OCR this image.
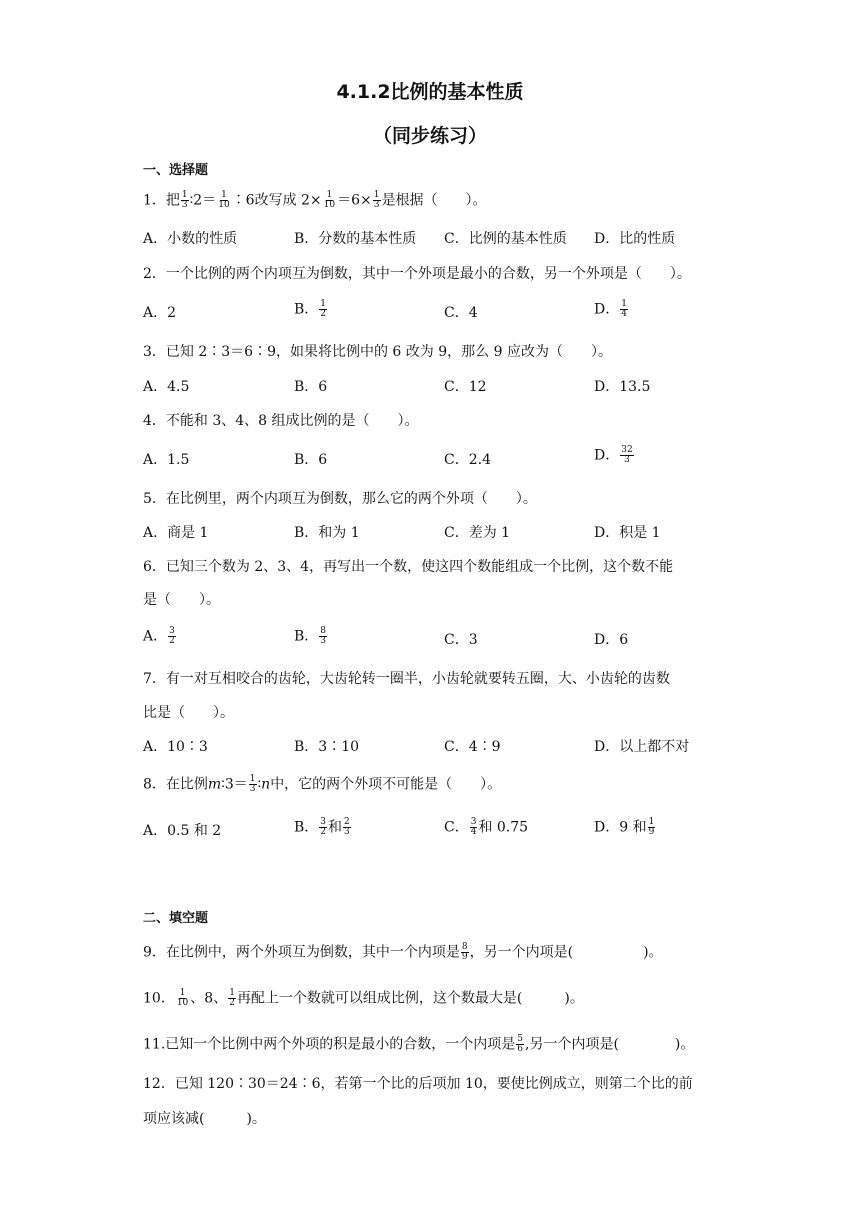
4.1.2比例的基本性质
（同步练习）
一、选择题
1．把 $\frac{1}{3}$ ∶2＝ $\frac{1}{10}$ ∶6改写成 $2\times \frac{1}{10} =6\times \frac{1}{3}$ 是根据（　　）。
A．小数的性质	B．分数的基本性质 C．比例的基本性质 D．比的性质
2．一个比例的两个内项互为倒数，其中一个外项是最小的合数，另一个外项是（　　）。
A．2	B． $\frac{1}{2}$	C．4	D． $\frac{1}{4}$
3．已知 2∶3＝6∶9，如果将比例中的 6 改为 9，那么 9 应改为（　　）。
A．4.5	B．6	C．12	D．13.5
4．不能和 3、4、8 组成比例的是（　　）。
A．1.5	B．6	C．2.4	D． $\frac{32}{3}$
5．在比例里，两个内项互为倒数，那么它的两个外项（　　）。
A．商是 1	B．和为 1	C．差为 1	D．积是 1
6．已知三个数为 2、3、4，再写出一个数，使这四个数能组成一个比例，这个数不能
是（　　）。
A． $\frac{3}{2}$	B． $\frac{8}{3}$	C．3	D．6
7．有一对互相咬合的齿轮，大齿轮转一圈半，小齿轮就要转五圈，大、小齿轮的齿数
比是（　　）。
A．10∶3	B．3∶10	C．4∶9	D．以上都不对
8．在比例m∶3＝ $\frac{1}{3}$ ∶n中，它的两个外项不可能是（　　）。
A．0.5 和 2	B． $\frac{3}{2}$ 和 $\frac{2}{3}$	C． $\frac{3}{4}$ 和 0.75	D．9 和 $\frac{1}{9}$
二、填空题
9．在比例中，两个外项互为倒数，其中一个内项是 $\frac{8}{9}$ ，另一个内项是(　　　　　)。
10． $\frac{1}{10}$ 、8、 $\frac{1}{2}$ 再配上一个数就可以组成比例，这个数最大是(　　　)。
11.已知一个比例中两个外项的积是最小的合数，一个内项是 $\frac{5}{6}$ ,另一个内项是(　　　　)。
12．已知 120∶30＝24∶6，若第一个比的后项加 10，要使比例成立，则第二个比的前
项应该减(　　　)。
